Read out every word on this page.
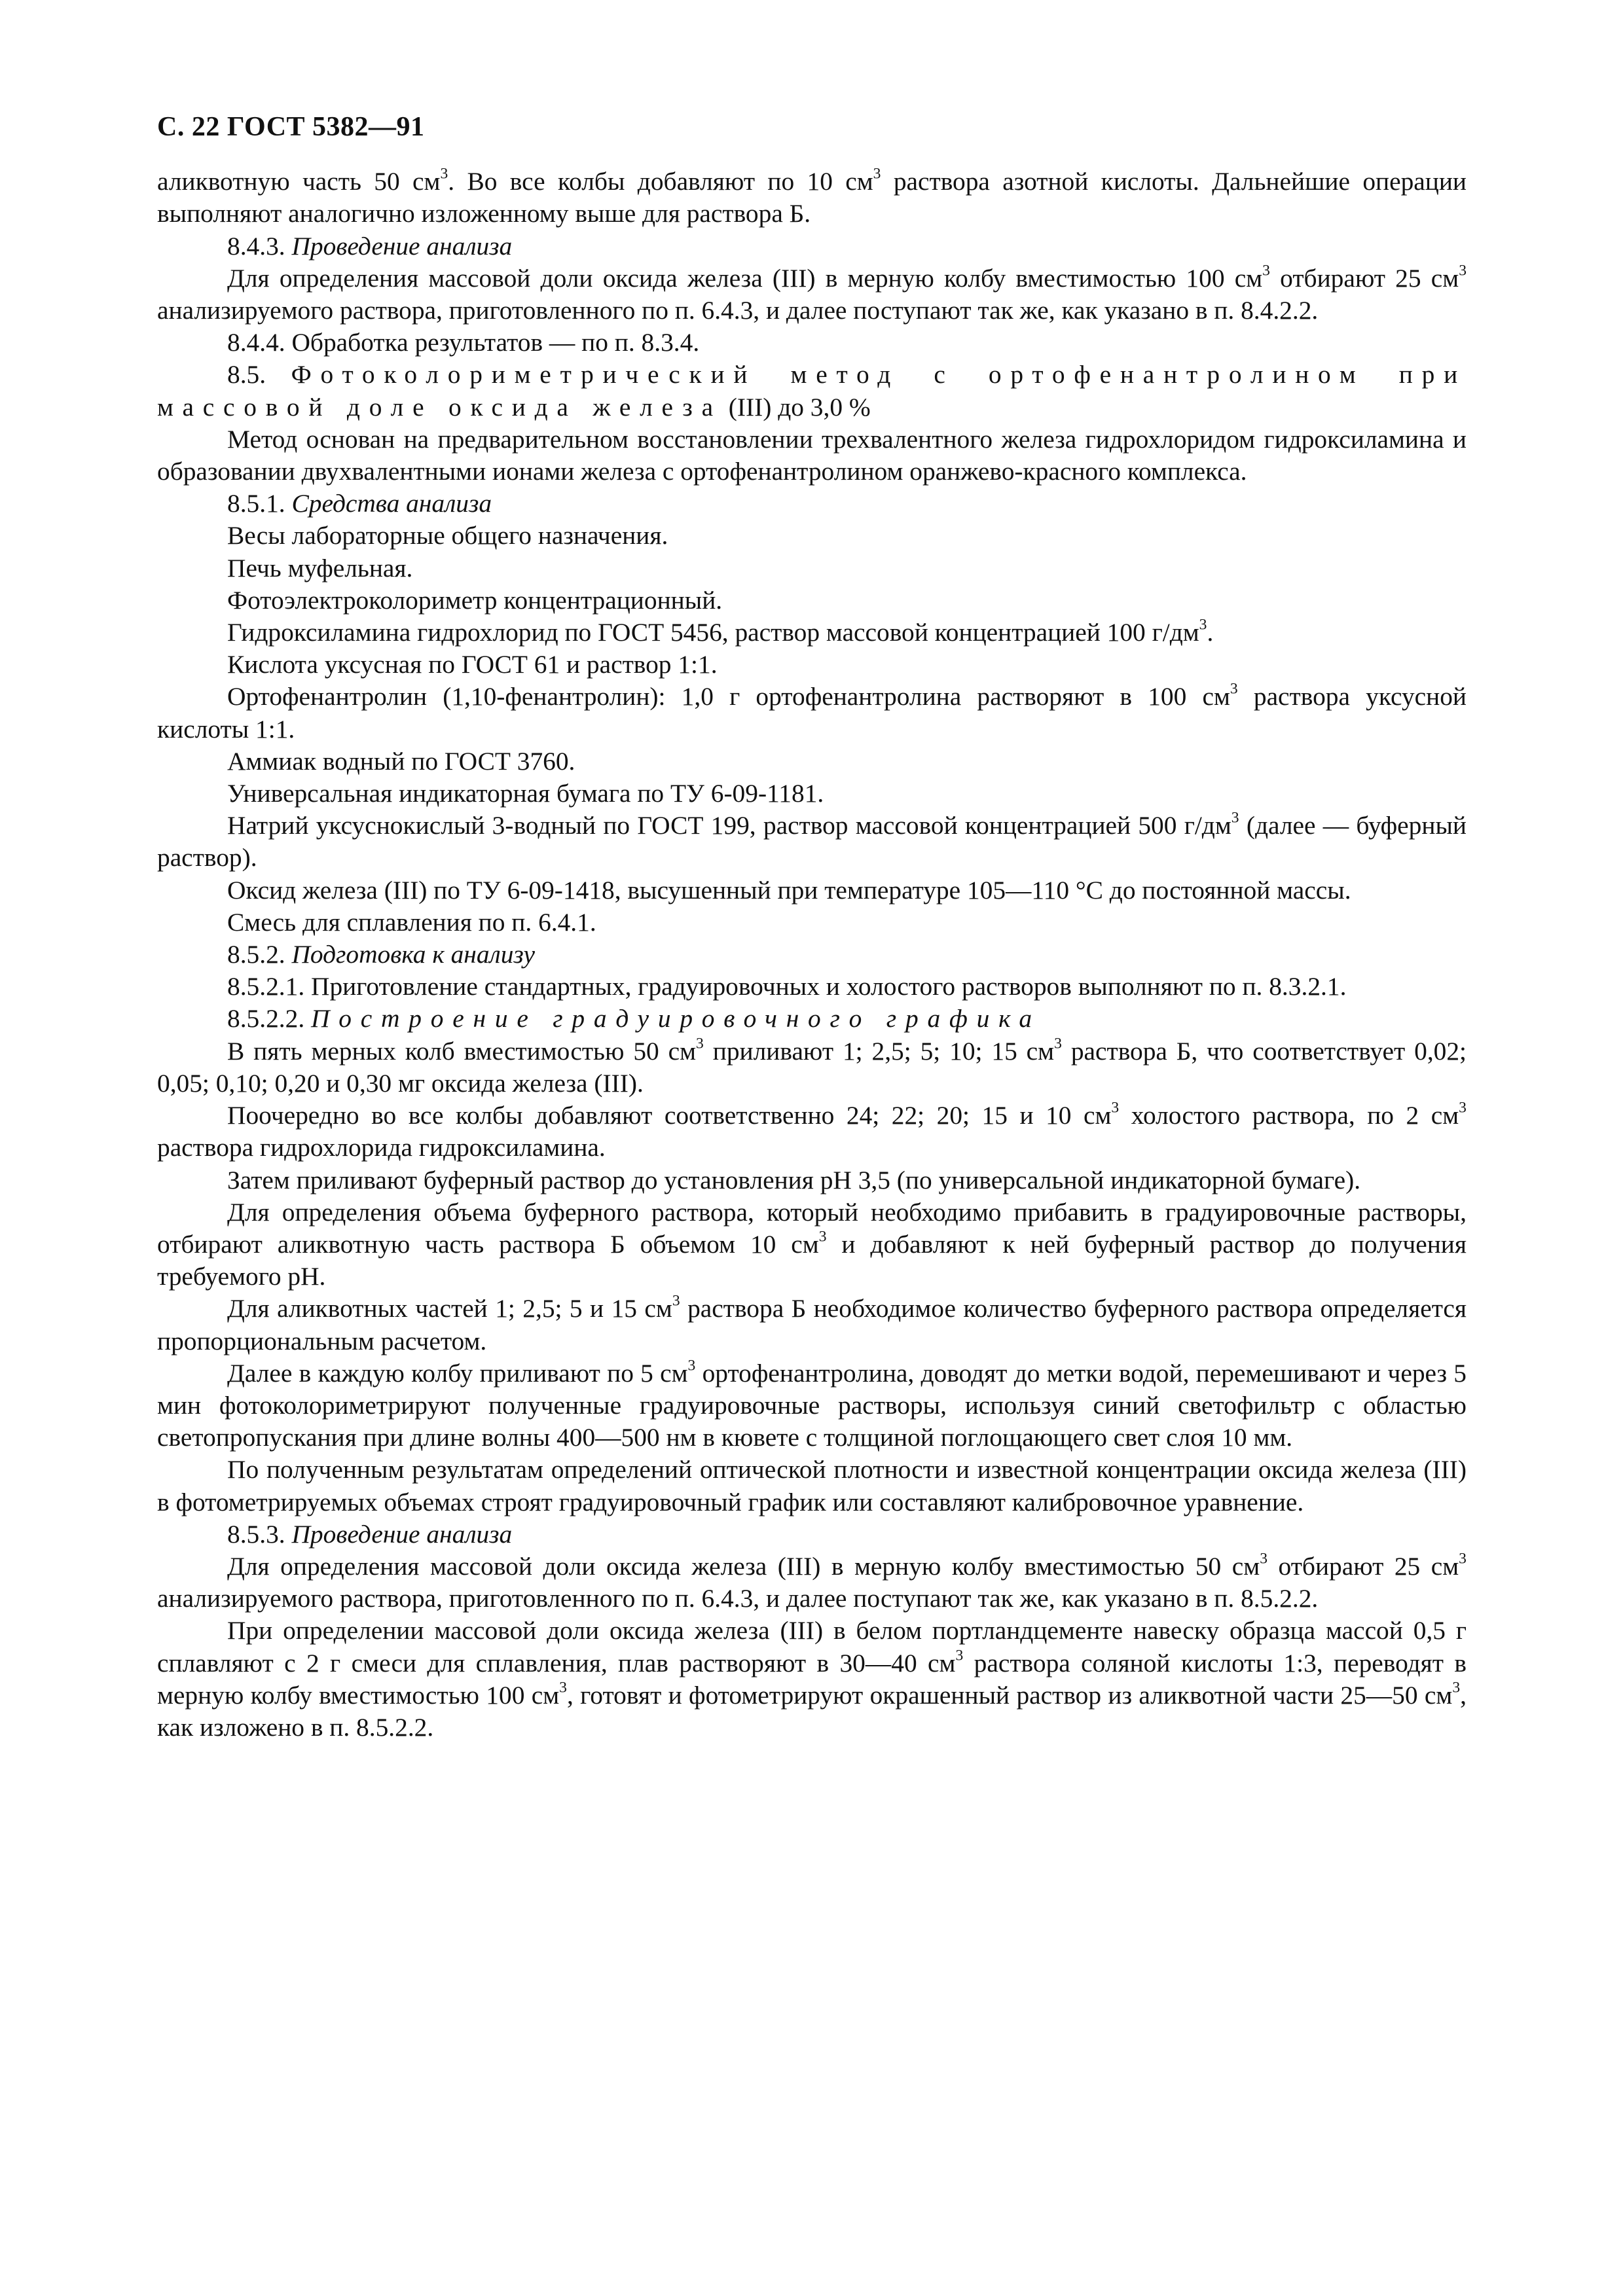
С. 22 ГОСТ 5382—91

аликвотную часть 50 $см^3$. Во все колбы добавляют по 10 $см^3$ раствора азотной кислоты. Дальнейшие операции выполняют аналогично изложенному выше для раствора Б.

8.4.3. Проведение анализа

Для определения массовой доли оксида железа (III) в мерную колбу вместимостью 100 $см^3$ отбирают 25 $см^3$ анализируемого раствора, приготовленного по п. 6.4.3, и далее поступают так же, как указано в п. 8.4.2.2.

8.4.4. Обработка результатов — по п. 8.3.4.

8.5. Фотоколориметрический метод с ортофенантролином при массовой доле оксида железа (III) до 3,0 %

Метод основан на предварительном восстановлении трехвалентного железа гидрохлоридом гидроксиламина и образовании двухвалентными ионами железа с ортофенантролином оранжево-красного комплекса.

8.5.1. Средства анализа

Весы лабораторные общего назначения.

Печь муфельная.

Фотоэлектроколориметр концентрационный.

Гидроксиламина гидрохлорид по ГОСТ 5456, раствор массовой концентрацией 100 $г/дм^3$.

Кислота уксусная по ГОСТ 61 и раствор 1:1.

Ортофенантролин (1,10-фенантролин): 1,0 г ортофенантролина растворяют в 100 $см^3$ раствора уксусной кислоты 1:1.

Аммиак водный по ГОСТ 3760.

Универсальная индикаторная бумага по ТУ 6-09-1181.

Натрий уксуснокислый 3-водный по ГОСТ 199, раствор массовой концентрацией 500 $г/дм^3$ (далее — буферный раствор).

Оксид железа (III) по ТУ 6-09-1418, высушенный при температуре 105—110 °С до постоянной массы.

Смесь для сплавления по п. 6.4.1.

8.5.2. Подготовка к анализу

8.5.2.1. Приготовление стандартных, градуировочных и холостого растворов выполняют по п. 8.3.2.1.

8.5.2.2. Построение градуировочного графика

В пять мерных колб вместимостью 50 $см^3$ приливают 1; 2,5; 5; 10; 15 $см^3$ раствора Б, что соответствует 0,02; 0,05; 0,10; 0,20 и 0,30 мг оксида железа (III).

Поочередно во все колбы добавляют соответственно 24; 22; 20; 15 и 10 $см^3$ холостого раствора, по 2 $см^3$ раствора гидрохлорида гидроксиламина.

Затем приливают буферный раствор до установления рН 3,5 (по универсальной индикаторной бумаге).

Для определения объема буферного раствора, который необходимо прибавить в градуировочные растворы, отбирают аликвотную часть раствора Б объемом 10 $см^3$ и добавляют к ней буферный раствор до получения требуемого рН.

Для аликвотных частей 1; 2,5; 5 и 15 $см^3$ раствора Б необходимое количество буферного раствора определяется пропорциональным расчетом.

Далее в каждую колбу приливают по 5 $см^3$ ортофенантролина, доводят до метки водой, перемешивают и через 5 мин фотоколориметрируют полученные градуировочные растворы, используя синий светофильтр с областью светопропускания при длине волны 400—500 нм в кювете с толщиной поглощающего свет слоя 10 мм.

По полученным результатам определений оптической плотности и известной концентрации оксида железа (III) в фотометрируемых объемах строят градуировочный график или составляют калибровочное уравнение.

8.5.3. Проведение анализа

Для определения массовой доли оксида железа (III) в мерную колбу вместимостью 50 $см^3$ отбирают 25 $см^3$ анализируемого раствора, приготовленного по п. 6.4.3, и далее поступают так же, как указано в п. 8.5.2.2.

При определении массовой доли оксида железа (III) в белом портландцементе навеску образца массой 0,5 г сплавляют с 2 г смеси для сплавления, плав растворяют в 30—40 $см^3$ раствора соляной кислоты 1:3, переводят в мерную колбу вместимостью 100 $см^3$, готовят и фотометрируют окрашенный раствор из аликвотной части 25—50 $см^3$, как изложено в п. 8.5.2.2.
